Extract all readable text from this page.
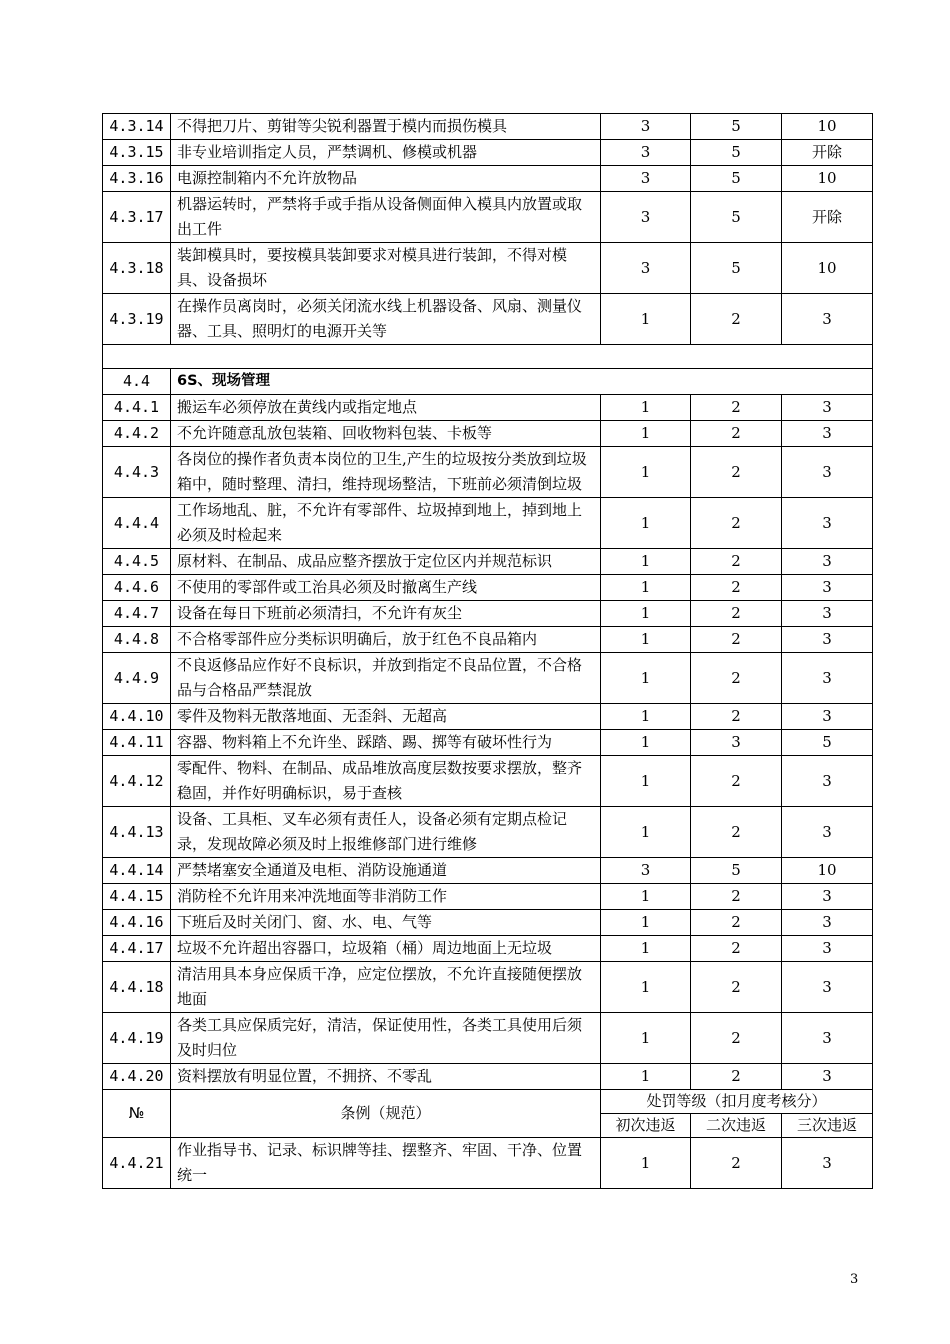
4.3.14	不得把刀片、剪钳等尖锐利器置于模内而损伤模具	3	5	10
4.3.15	非专业培训指定人员，严禁调机、修模或机器	3	5	开除
4.3.16	电源控制箱内不允许放物品	3	5	10
4.3.17	机器运转时，严禁将手或手指从设备侧面伸入模具内放置或取出工件	3	5	开除
4.3.18	装卸模具时，要按模具装卸要求对模具进行装卸，不得对模具、设备损坏	3	5	10
4.3.19	在操作员离岗时，必须关闭流水线上机器设备、风扇、测量仪器、工具、照明灯的电源开关等	1	2	3

4.4	6S、现场管理			
4.4.1	搬运车必须停放在黄线内或指定地点	1	2	3
4.4.2	不允许随意乱放包装箱、回收物料包装、卡板等	1	2	3
4.4.3	各岗位的操作者负责本岗位的卫生,产生的垃圾按分类放到垃圾箱中，随时整理、清扫，维持现场整洁，下班前必须清倒垃圾	1	2	3
4.4.4	工作场地乱、脏，不允许有零部件、垃圾掉到地上，掉到地上必须及时检起来	1	2	3
4.4.5	原材料、在制品、成品应整齐摆放于定位区内并规范标识	1	2	3
4.4.6	不使用的零部件或工治具必须及时撤离生产线	1	2	3
4.4.7	设备在每日下班前必须清扫，不允许有灰尘	1	2	3
4.4.8	不合格零部件应分类标识明确后，放于红色不良品箱内	1	2	3
4.4.9	不良返修品应作好不良标识，并放到指定不良品位置，不合格品与合格品严禁混放	1	2	3
4.4.10	零件及物料无散落地面、无歪斜、无超高	1	2	3
4.4.11	容器、物料箱上不允许坐、踩踏、踢、掷等有破坏性行为	1	3	5
4.4.12	零配件、物料、在制品、成品堆放高度层数按要求摆放，整齐稳固，并作好明确标识，易于查核	1	2	3
4.4.13	设备、工具柜、叉车必须有责任人，设备必须有定期点检记录，发现故障必须及时上报维修部门进行维修	1	2	3
4.4.14	严禁堵塞安全通道及电柜、消防设施通道	3	5	10
4.4.15	消防栓不允许用来冲洗地面等非消防工作	1	2	3
4.4.16	下班后及时关闭门、窗、水、电、气等	1	2	3
4.4.17	垃圾不允许超出容器口，垃圾箱（桶）周边地面上无垃圾	1	2	3
4.4.18	清洁用具本身应保质干净，应定位摆放，不允许直接随便摆放地面	1	2	3
4.4.19	各类工具应保质完好，清洁，保证使用性，各类工具使用后须及时归位	1	2	3
4.4.20	资料摆放有明显位置，不拥挤、不零乱	1	2	3
№	条例（规范）	处罚等级（扣月度考核分）		
		初次违返	二次违返	三次违返
4.4.21	作业指导书、记录、标识牌等挂、摆整齐、牢固、干净、位置统一	1	2	3
3
